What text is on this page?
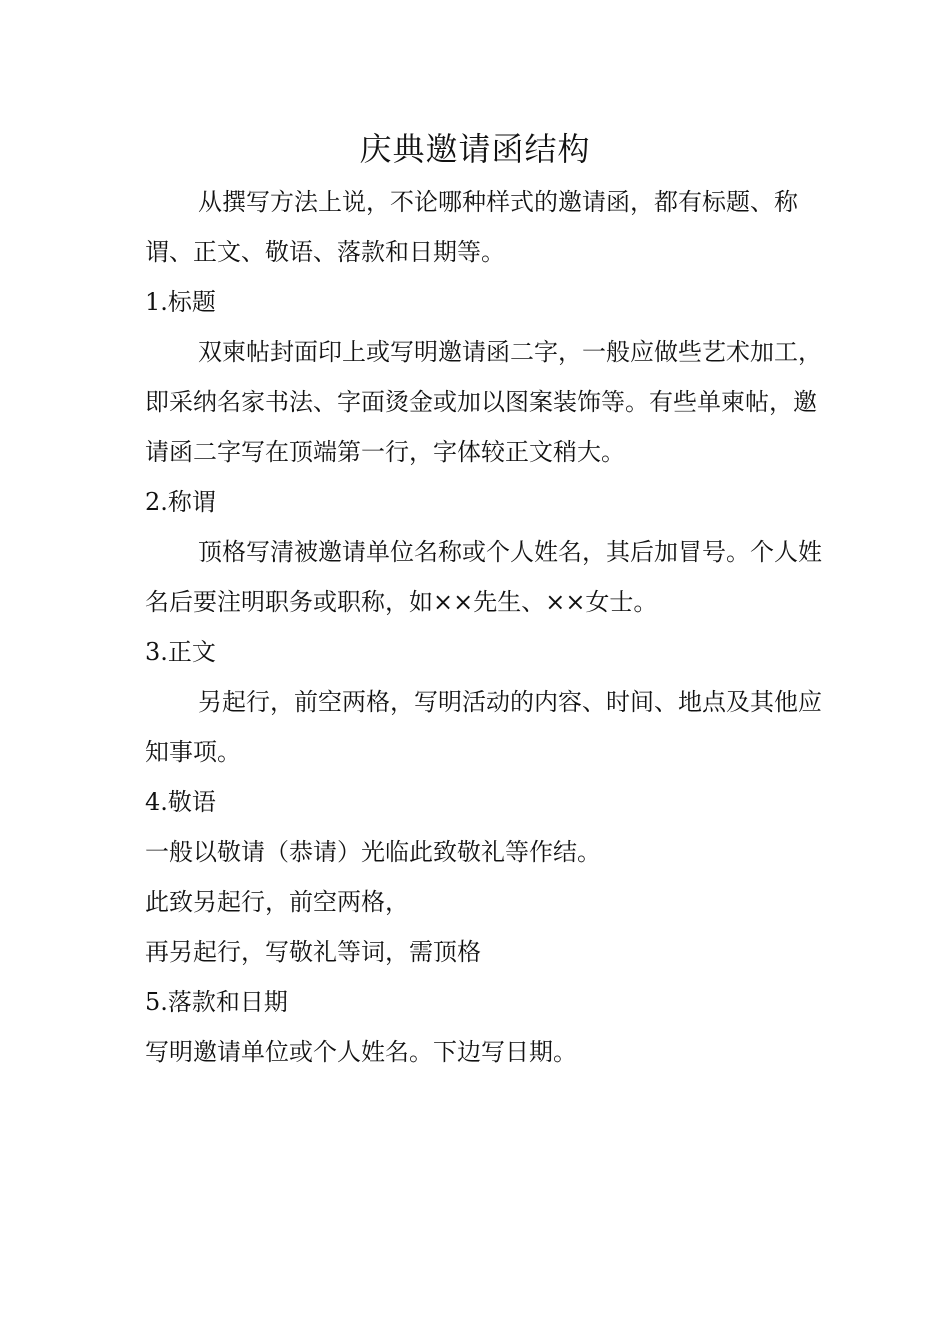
庆典邀请函结构

从撰写方法上说，不论哪种样式的邀请函，都有标题、称谓、正文、敬语、落款和日期等。

1.标题

双柬帖封面印上或写明邀请函二字，一般应做些艺术加工，即采纳名家书法、字面烫金或加以图案装饰等。有些单柬帖，邀请函二字写在顶端第一行，字体较正文稍大。

2.称谓

顶格写清被邀请单位名称或个人姓名，其后加冒号。个人姓名后要注明职务或职称，如××先生、××女士。

3.正文

另起行，前空两格，写明活动的内容、时间、地点及其他应知事项。

4.敬语

一般以敬请（恭请）光临此致敬礼等作结。

此致另起行，前空两格，

再另起行，写敬礼等词，需顶格

5.落款和日期

写明邀请单位或个人姓名。下边写日期。
